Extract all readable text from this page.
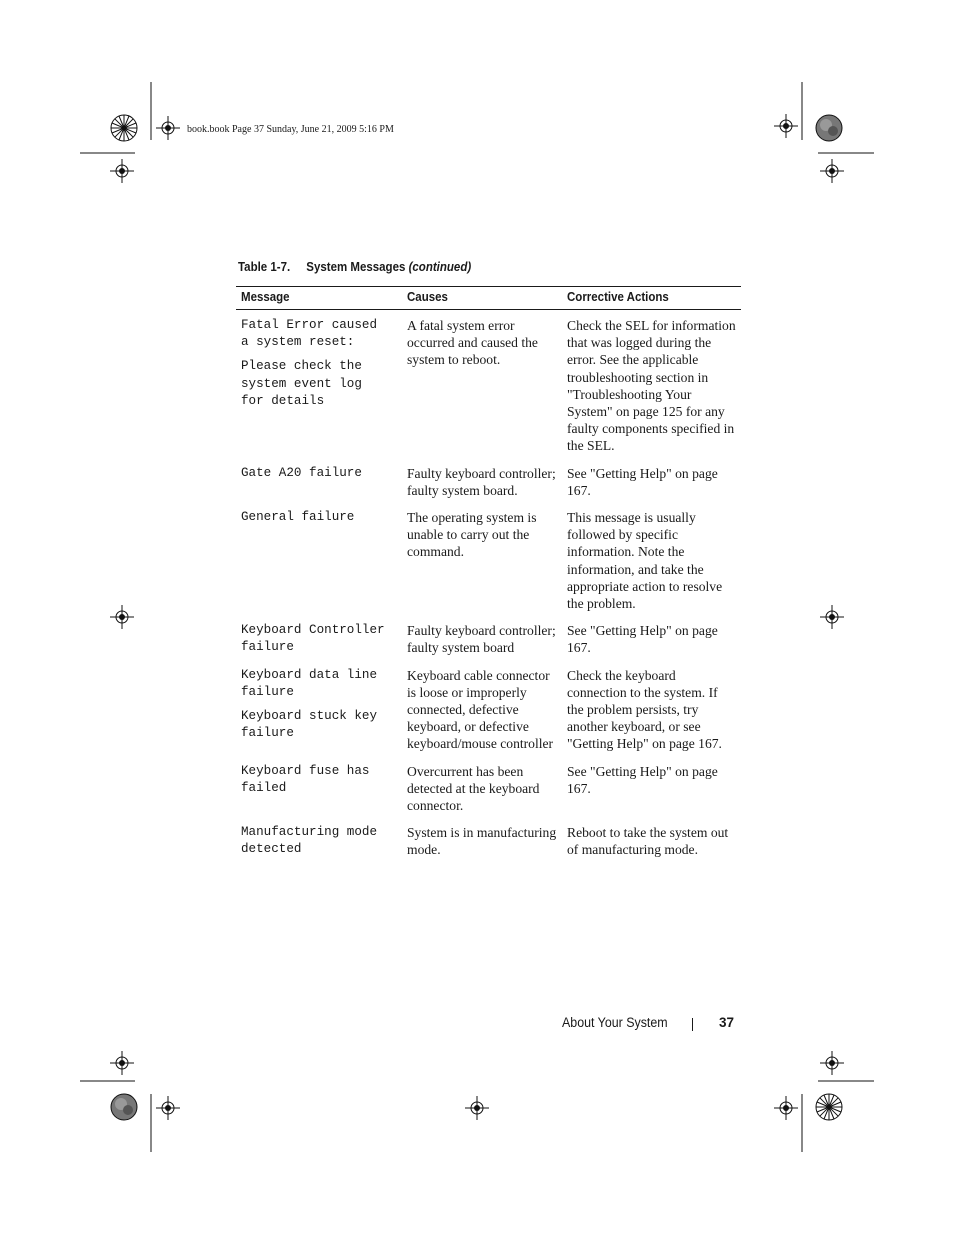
book.book Page 37 Sunday, June 21, 2009 5:16 PM
Table 1-7. System Messages (continued)
Message	Causes	Corrective Actions

Fatal Error caused
a system reset:
Please check the
system event log
for details	A fatal system error occurred and caused the system to reboot.	Check the SEL for information that was logged during the error. See the applicable troubleshooting section in "Troubleshooting Your System" on page 125 for any faulty components specified in the SEL.

Gate A20 failure	Faulty keyboard controller; faulty system board.	See "Getting Help" on page 167.

General failure	The operating system is unable to carry out the command.	This message is usually followed by specific information. Note the information, and take the appropriate action to resolve the problem.

Keyboard Controller
failure	Faulty keyboard controller; faulty system board	See "Getting Help" on page 167.

Keyboard data line
failure
Keyboard stuck key
failure	Keyboard cable connector is loose or improperly connected, defective keyboard, or defective keyboard/mouse controller	Check the keyboard connection to the system. If the problem persists, try another keyboard, or see "Getting Help" on page 167.

Keyboard fuse has
failed	Overcurrent has been detected at the keyboard connector.	See "Getting Help" on page 167.

Manufacturing mode
detected	System is in manufacturing mode.	Reboot to take the system out of manufacturing mode.
About Your System	37
